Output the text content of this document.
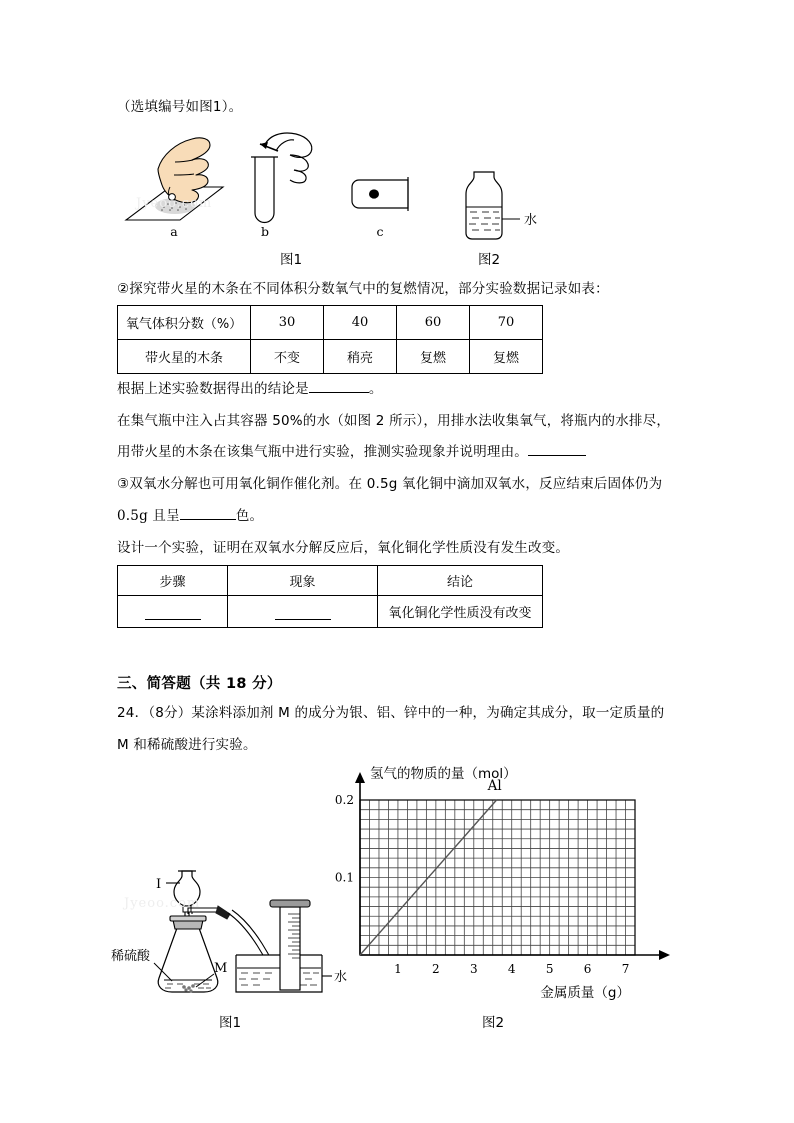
（选填编号如图1）。
a	b	c
Jyeoo.com
图1
水
图2
②探究带火星的木条在不同体积分数氧气中的复燃情况，部分实验数据记录如表：
氧气体积分数（%）	30	40	60	70
带火星的木条	不变	稍亮	复燃	复燃
根据上述实验数据得出的结论是	。
在集气瓶中注入占其容器 50%的水（如图 2 所示），用排水法收集氧气，将瓶内的水排尽，
用带火星的木条在该集气瓶中进行实验，推测实验现象并说明理由。
③双氧水分解也可用氧化铜作催化剂。在 0.5g 氧化铜中滴加双氧水，反应结束后固体仍为
0.5g 且呈	色。
设计一个实验，证明在双氧水分解反应后，氧化铜化学性质没有发生改变。
步骤	现象	结论
		氧化铜化学性质没有改变
三、简答题（共 18 分）
24．（8分）某涂料添加剂 M 的成分为银、铝、锌中的一种，为确定其成分，取一定质量的
M 和稀硫酸进行实验。
I
稀硫酸
M
水
Jyeoo.com
图1
0.1
0.2
1	2	3	4	5	6	7
氢气的物质的量（mol）
金属质量（g）
Al
图2
